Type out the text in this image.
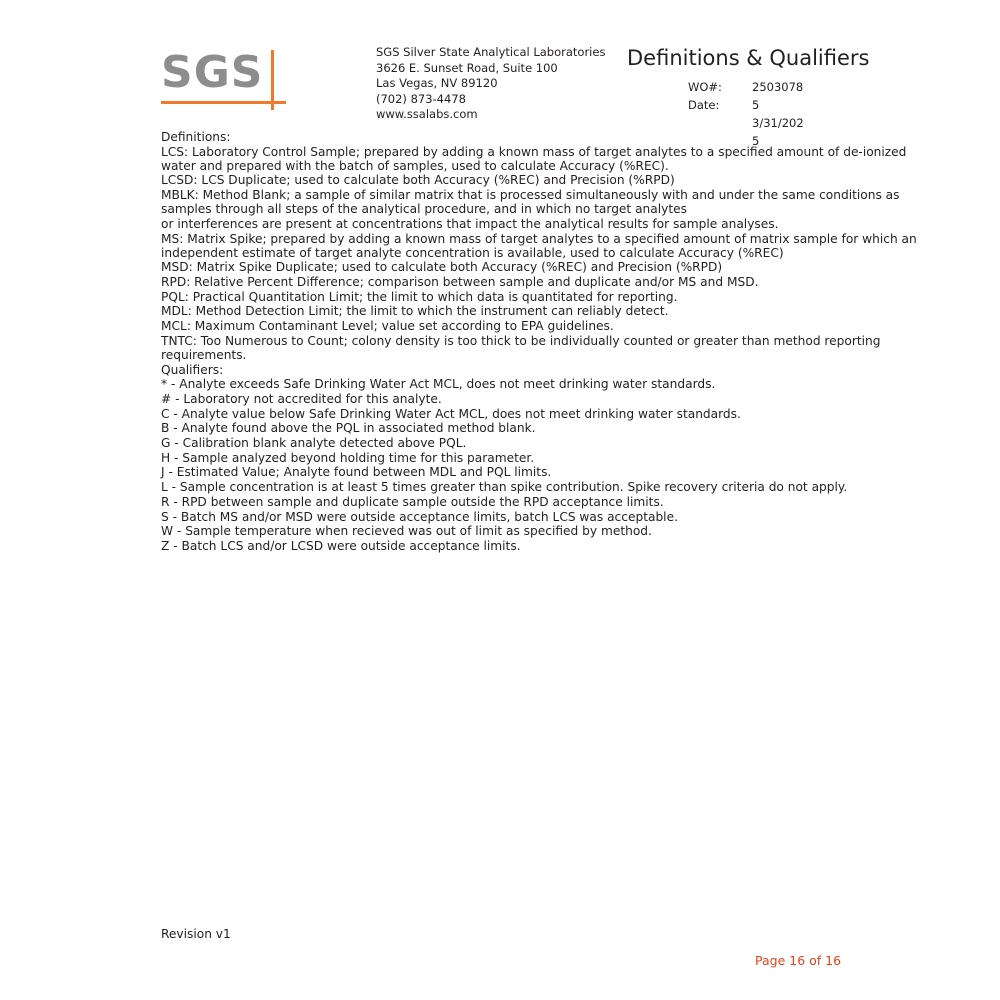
SGS	SGS Silver State Analytical Laboratories
3626 E. Sunset Road, Suite 100
Las Vegas, NV 89120
(702) 873-4478
www.ssalabs.com
Definitions & Qualifiers
WO#:	2503078
Date:	5
3/31/202
5

Definitions:

LCS: Laboratory Control Sample; prepared by adding a known mass of target analytes to a specified amount of de-ionized water and prepared with the batch of samples, used to calculate Accuracy (%REC).

LCSD: LCS Duplicate; used to calculate both Accuracy (%REC) and Precision (%RPD)

MBLK: Method Blank; a sample of similar matrix that is processed simultaneously with and under the same conditions as samples through all steps of the analytical procedure, and in which no target analytes

or interferences are present at concentrations that impact the analytical results for sample analyses.

MS: Matrix Spike; prepared by adding a known mass of target analytes to a specified amount of matrix sample for which an independent estimate of target analyte concentration is available, used to calculate Accuracy (%REC)

MSD: Matrix Spike Duplicate; used to calculate both Accuracy (%REC) and Precision (%RPD)

RPD: Relative Percent Difference; comparison between sample and duplicate and/or MS and MSD.

PQL: Practical Quantitation Limit; the limit to which data is quantitated for reporting.

MDL: Method Detection Limit; the limit to which the instrument can reliably detect.

MCL: Maximum Contaminant Level; value set according to EPA guidelines.

TNTC: Too Numerous to Count; colony density is too thick to be individually counted or greater than method reporting requirements.

Qualifiers:

* - Analyte exceeds Safe Drinking Water Act MCL, does not meet drinking water standards.

# - Laboratory not accredited for this analyte.

C - Analyte value below Safe Drinking Water Act MCL, does not meet drinking water standards.

B - Analyte found above the PQL in associated method blank.

G - Calibration blank analyte detected above PQL.

H - Sample analyzed beyond holding time for this parameter.

J - Estimated Value; Analyte found between MDL and PQL limits.

L - Sample concentration is at least 5 times greater than spike contribution. Spike recovery criteria do not apply.

R - RPD between sample and duplicate sample outside the RPD acceptance limits.

S - Batch MS and/or MSD were outside acceptance limits, batch LCS was acceptable.

W - Sample temperature when recieved was out of limit as specified by method.

Z - Batch LCS and/or LCSD were outside acceptance limits.

Revision v1
Page 16 of 16
